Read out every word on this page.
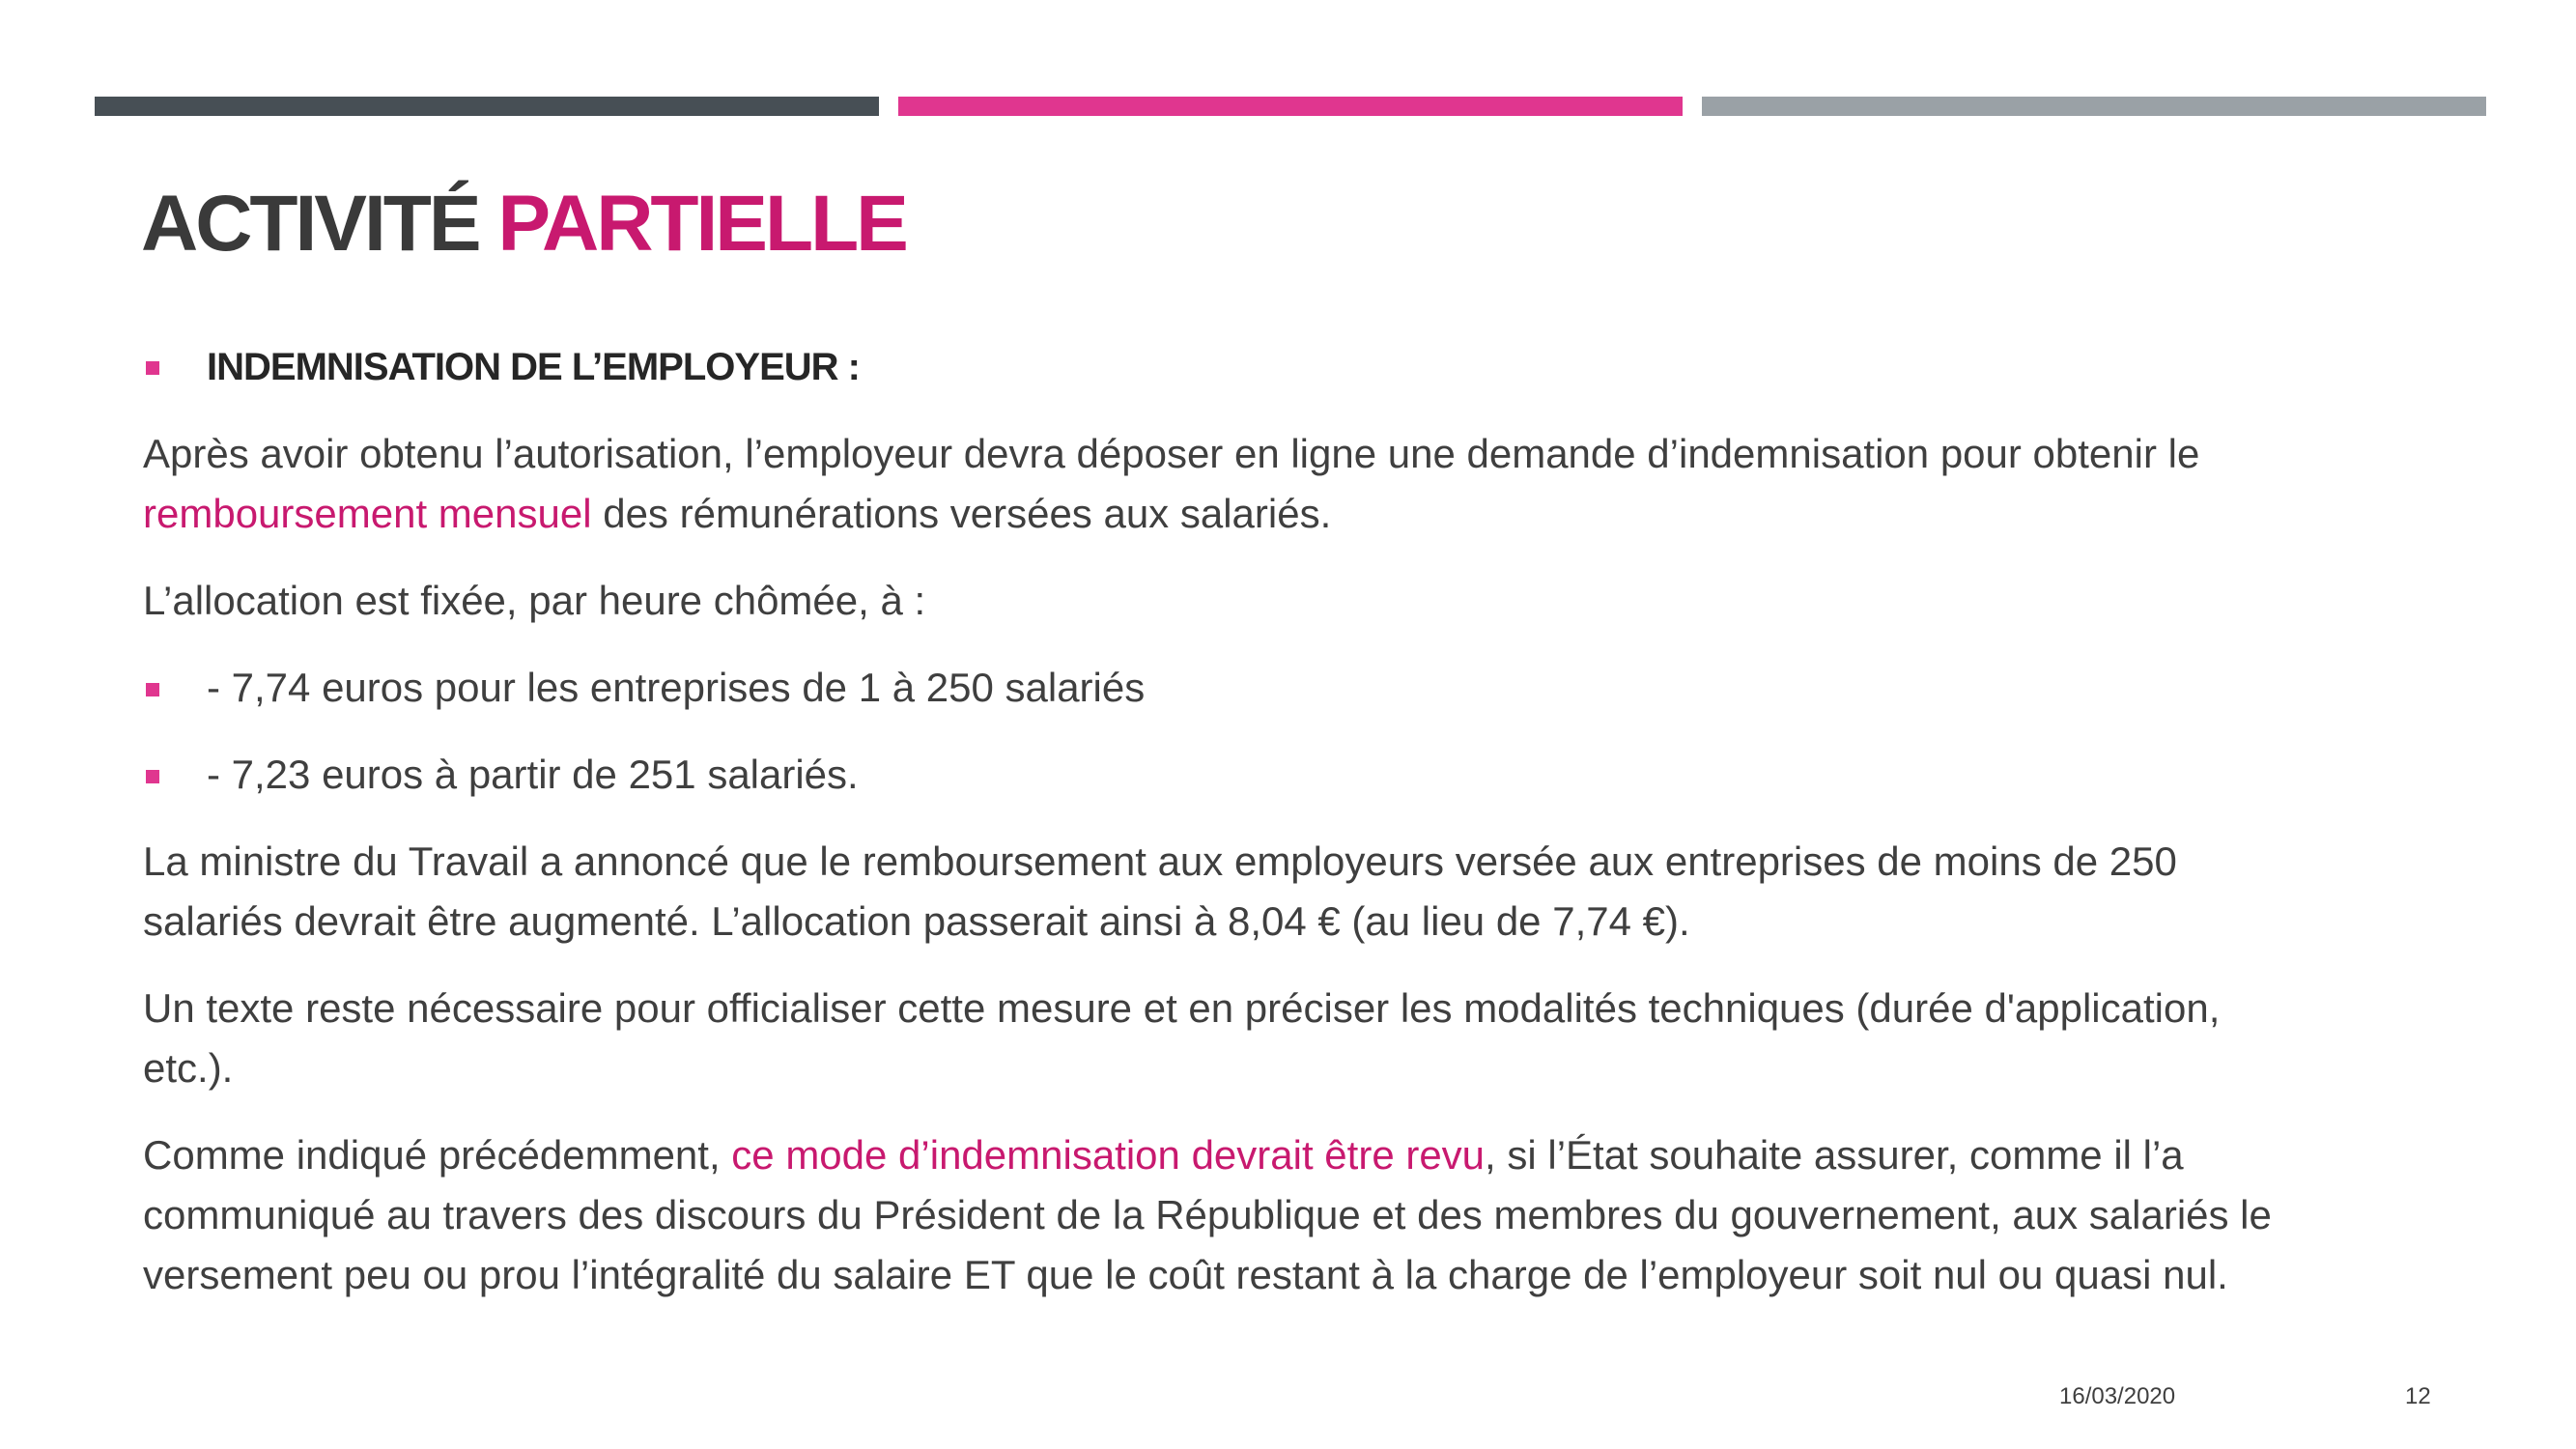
ACTIVITÉ PARTIELLE

INDEMNISATION DE L’EMPLOYEUR :

Après avoir obtenu l’autorisation, l’employeur devra déposer en ligne une demande d’indemnisation pour obtenir le
remboursement mensuel des rémunérations versées aux salariés.

L’allocation est fixée, par heure chômée, à :

- 7,74 euros pour les entreprises de 1 à 250 salariés

- 7,23 euros à partir de 251 salariés.

La ministre du Travail a annoncé que le remboursement aux employeurs versée aux entreprises de moins de 250
salariés devrait être augmenté. L’allocation passerait ainsi à 8,04 € (au lieu de 7,74 €).
Un texte reste nécessaire pour officialiser cette mesure et en préciser les modalités techniques (durée d'application,
etc.).
Comme indiqué précédemment, ce mode d’indemnisation devrait être revu, si l’État souhaite assurer, comme il l’a
communiqué au travers des discours du Président de la République et des membres du gouvernement, aux salariés le
versement peu ou prou l’intégralité du salaire ET que le coût restant à la charge de l’employeur soit nul ou quasi nul.
16/03/2020	12
